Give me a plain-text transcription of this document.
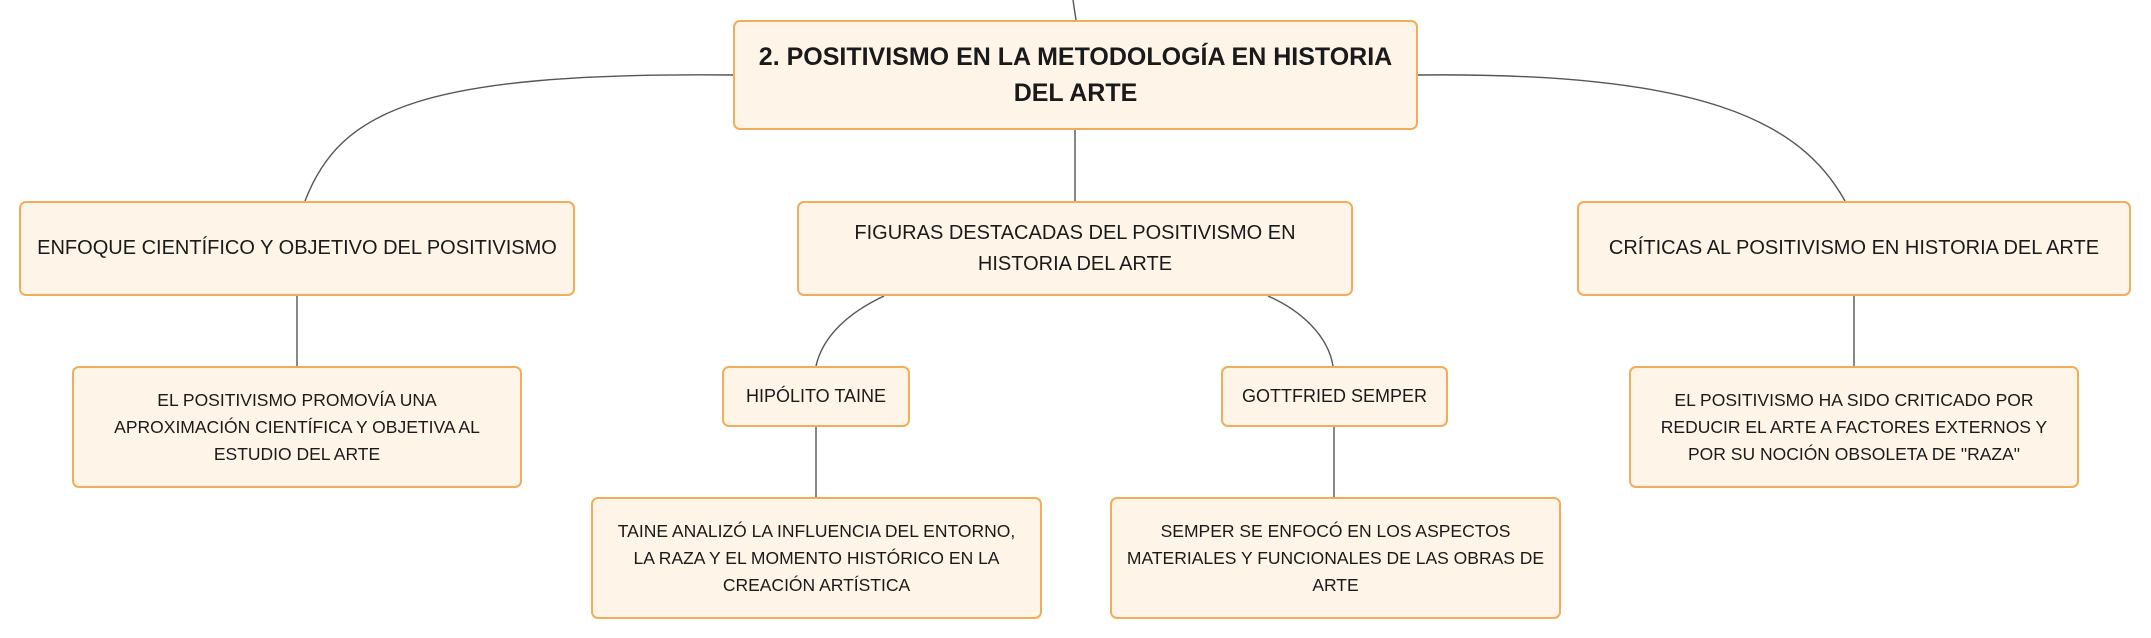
2. POSITIVISMO EN LA METODOLOGÍA EN HISTORIA DEL ARTE
ENFOQUE CIENTÍFICO Y OBJETIVO DEL POSITIVISMO
FIGURAS DESTACADAS DEL POSITIVISMO EN HISTORIA DEL ARTE
CRÍTICAS AL POSITIVISMO EN HISTORIA DEL ARTE
EL POSITIVISMO PROMOVÍA UNA APROXIMACIÓN CIENTÍFICA Y OBJETIVA AL ESTUDIO DEL ARTE
HIPÓLITO TAINE	GOTTFRIED SEMPER	EL POSITIVISMO HA SIDO CRITICADO POR REDUCIR EL ARTE A FACTORES EXTERNOS Y POR SU NOCIÓN OBSOLETA DE "RAZA"
TAINE ANALIZÓ LA INFLUENCIA DEL ENTORNO, LA RAZA Y EL MOMENTO HISTÓRICO EN LA CREACIÓN ARTÍSTICA
SEMPER SE ENFOCÓ EN LOS ASPECTOS MATERIALES Y FUNCIONALES DE LAS OBRAS DE ARTE
